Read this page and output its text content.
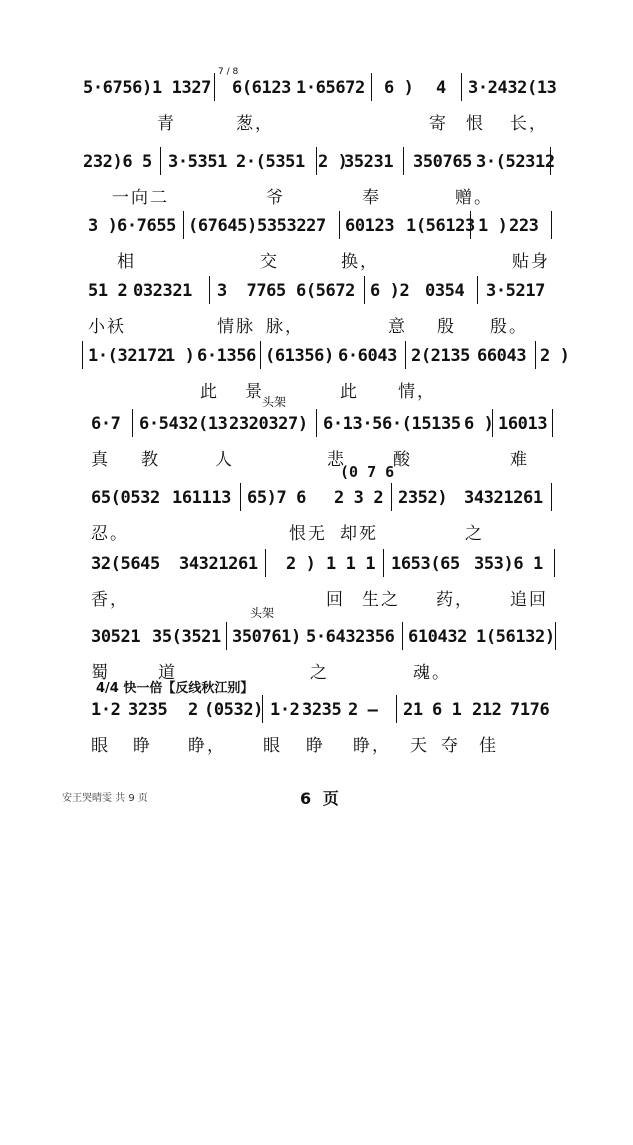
7 / 8

5·6756)

1 1327

6(6123

1·65672

6 )

4

3·2432(13

青	葱，	寄 恨 长，

232)6 5

3·5351

2·(5351

2 )

35231

350765

3·(52312

一向二	爷	奉	赠。

3 )

6·7655

(67645)

5353227

60123

1(56123

1 )

223

相	交	换，	贴身

51 2

032321

3  7765

6(5672

6 )2

0354

3·5217

小袄	情脉 脉，	意 殷 殷。

1·(32172

1 )

6·1356

(61356)

6·6043

2(2135

66043

2 )

此 景	此 情，
头架

6·7

6·5432(13

2320327)

6·13·5

6·(15135

6 )

16013

真 教	人	悲	酸	难
(0 7 6

65(0532

161113

65)7 6

2 3 2

2352)

34321261

忍。	恨无 却死	之

32(5645

34321261

2 )

1 1 1

1653(65

353)6 1

香，	回 生之 药， 追回
头架

30521

35(3521

350761)

5·6432356

610432

1(56132)

蜀	道	之	魂。
4/4 快一倍【反线秋江别】

1·2

3235

2

(0532)

1·2

3235

2 —

21

6 1

212

7176

眼 睁 睁， 眼 睁 睁， 天 夺 佳
安王哭晴雯 共 9 页	6 页
